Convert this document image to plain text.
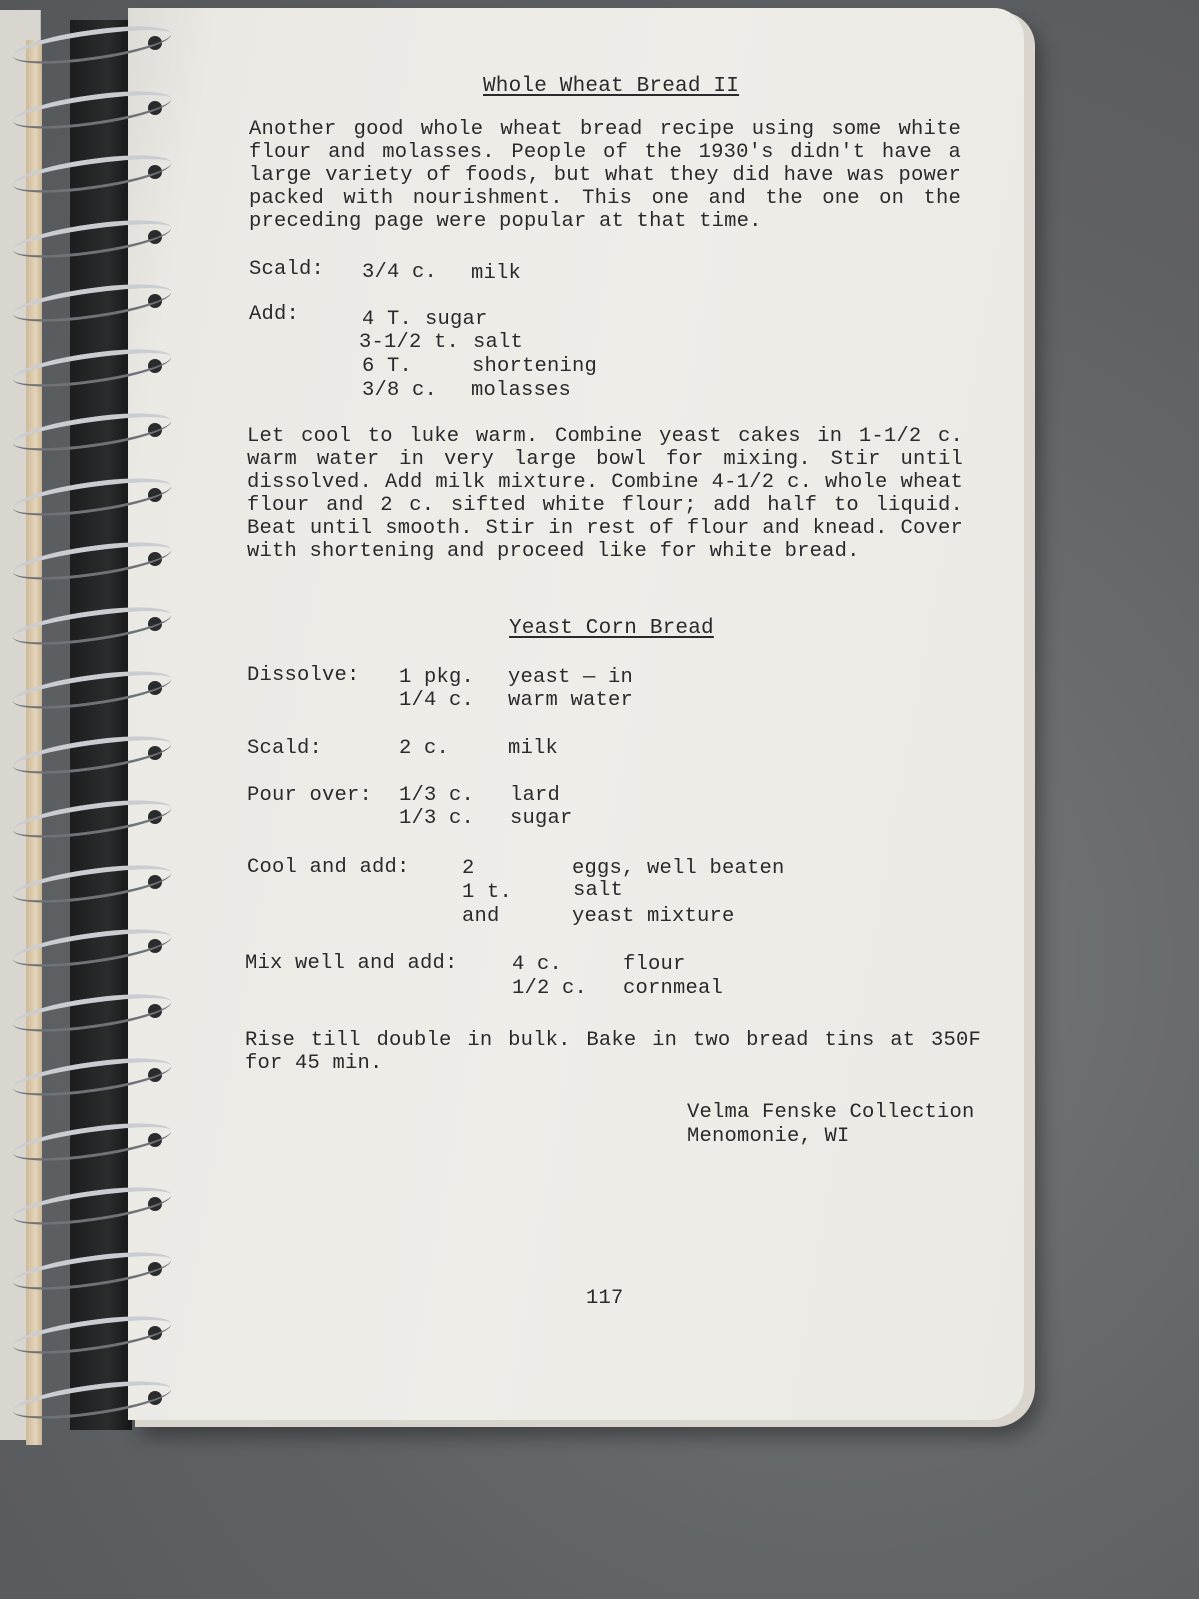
Whole Wheat Bread II
Another good whole wheat bread recipe using some white flour and molasses. People of the 1930's didn't have a large variety of foods, but what they did have was power packed with nourishment. This one and the one on the preceding page were popular at that time.
Scald: 3/4 c. milk
Add:	4 T. sugar
3-1/2 t. salt
6 T.	shortening
3/8 c. molasses
Let cool to luke warm. Combine yeast cakes in 1-1/2 c. warm water in very large bowl for mixing. Stir until dissolved. Add milk mixture. Combine 4-1/2 c. whole wheat flour and 2 c. sifted white flour; add half to liquid. Beat until smooth. Stir in rest of flour and knead. Cover with shortening and proceed like for white bread.
Yeast Corn Bread
Dissolve: 1 pkg. yeast — in
1/4 c. warm water
Scald:	2 c.	milk
Pour over: 1/3 c. lard
1/3 c. sugar
Cool and add:	2	eggs, well beaten
1 t.	salt
and	yeast mixture
Mix well and add:	4 c.	flour
1/2 c. cornmeal
Rise till double in bulk. Bake in two bread tins at 350F for 45 min.
Velma Fenske Collection
Menomonie, WI
117
